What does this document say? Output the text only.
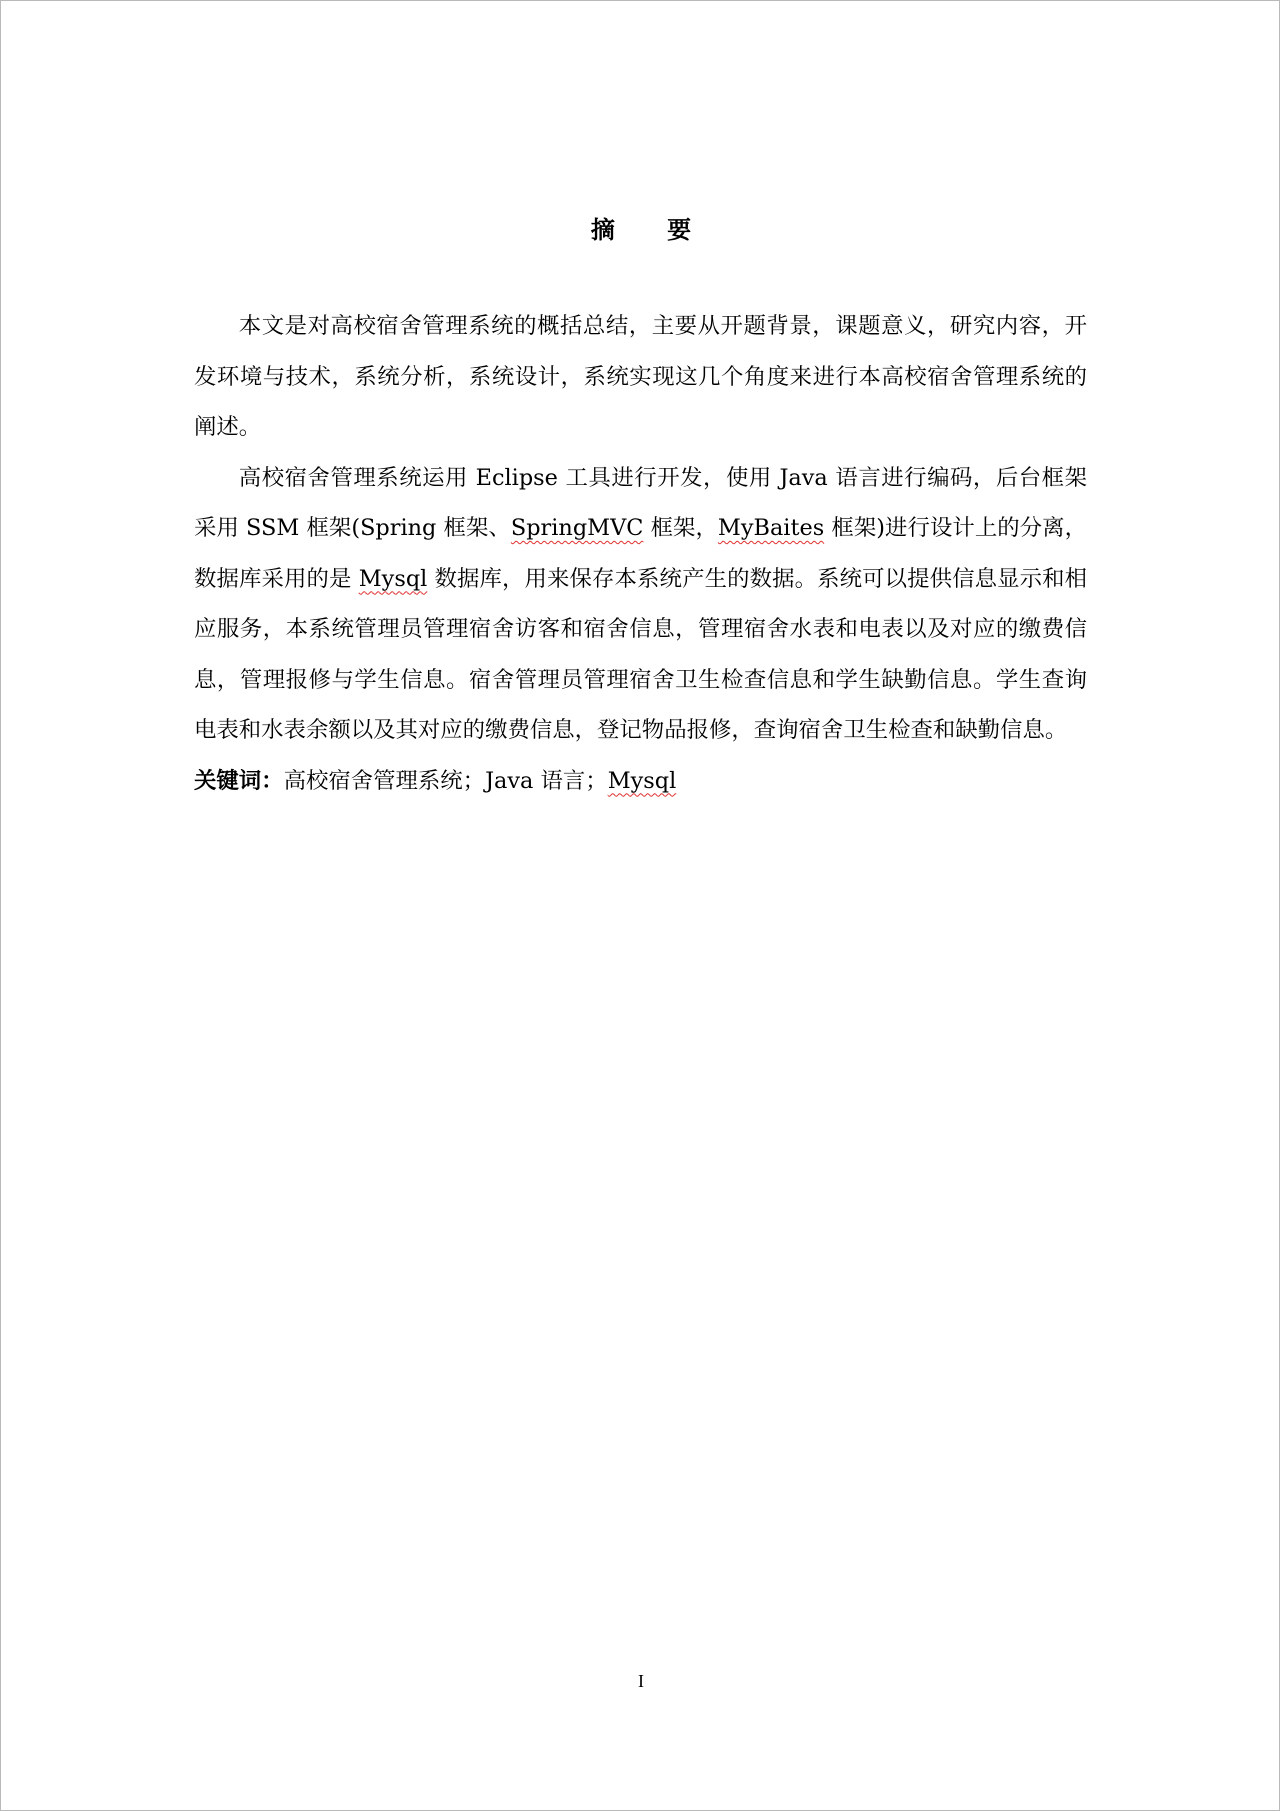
摘 要

本文是对高校宿舍管理系统的概括总结，主要从开题背景，课题意义，研究内容，开发环境与技术，系统分析，系统设计，系统实现这几个角度来进行本高校宿舍管理系统的阐述。

高校宿舍管理系统运用 Eclipse 工具进行开发，使用 Java 语言进行编码，后台框架采用 SSM 框架(Spring 框架、SpringMVC 框架，MyBaites 框架)进行设计上的分离，数据库采用的是 Mysql 数据库，用来保存本系统产生的数据。系统可以提供信息显示和相应服务，本系统管理员管理宿舍访客和宿舍信息，管理宿舍水表和电表以及对应的缴费信息，管理报修与学生信息。宿舍管理员管理宿舍卫生检查信息和学生缺勤信息。学生查询电表和水表余额以及其对应的缴费信息，登记物品报修，查询宿舍卫生检查和缺勤信息。

关键词：高校宿舍管理系统；Java 语言；Mysql

I
